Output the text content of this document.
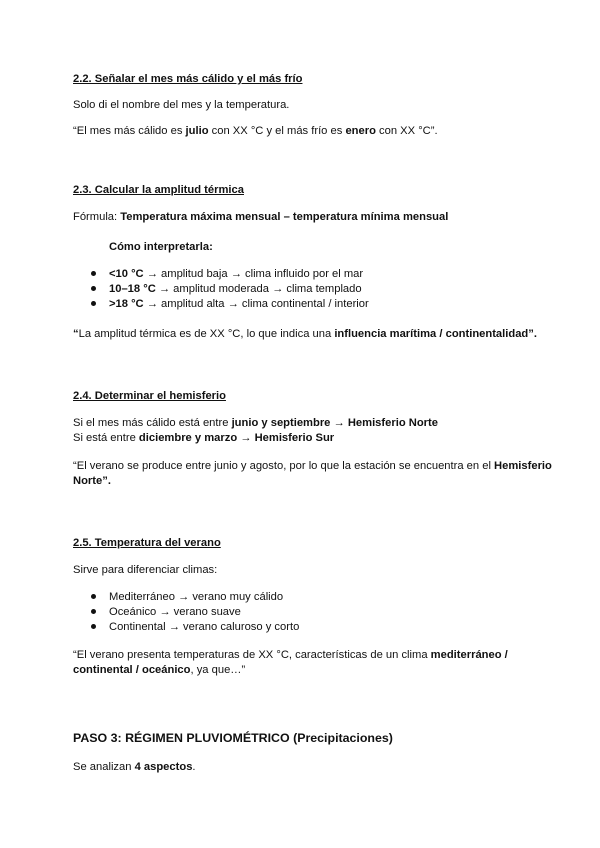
2.2. Señalar el mes más cálido y el más frío
Solo di el nombre del mes y la temperatura.
“El mes más cálido es julio con XX °C y el más frío es enero con XX °C”.
2.3. Calcular la amplitud térmica
Fórmula: Temperatura máxima mensual – temperatura mínima mensual
Cómo interpretarla:
<10 °C → amplitud baja → clima influido por el mar
10–18 °C → amplitud moderada → clima templado
>18 °C → amplitud alta → clima continental / interior
“La amplitud térmica es de XX °C, lo que indica una influencia marítima / continentalidad”.
2.4. Determinar el hemisferio
Si el mes más cálido está entre junio y septiembre → Hemisferio Norte
Si está entre diciembre y marzo → Hemisferio Sur
“El verano se produce entre junio y agosto, por lo que la estación se encuentra en el Hemisferio
Norte”.
2.5. Temperatura del verano
Sirve para diferenciar climas:
Mediterráneo → verano muy cálido
Oceánico → verano suave
Continental → verano caluroso y corto
“El verano presenta temperaturas de XX °C, características de un clima mediterráneo /
continental / oceánico, ya que…”
PASO 3: RÉGIMEN PLUVIOMÉTRICO (Precipitaciones)
Se analizan 4 aspectos.
